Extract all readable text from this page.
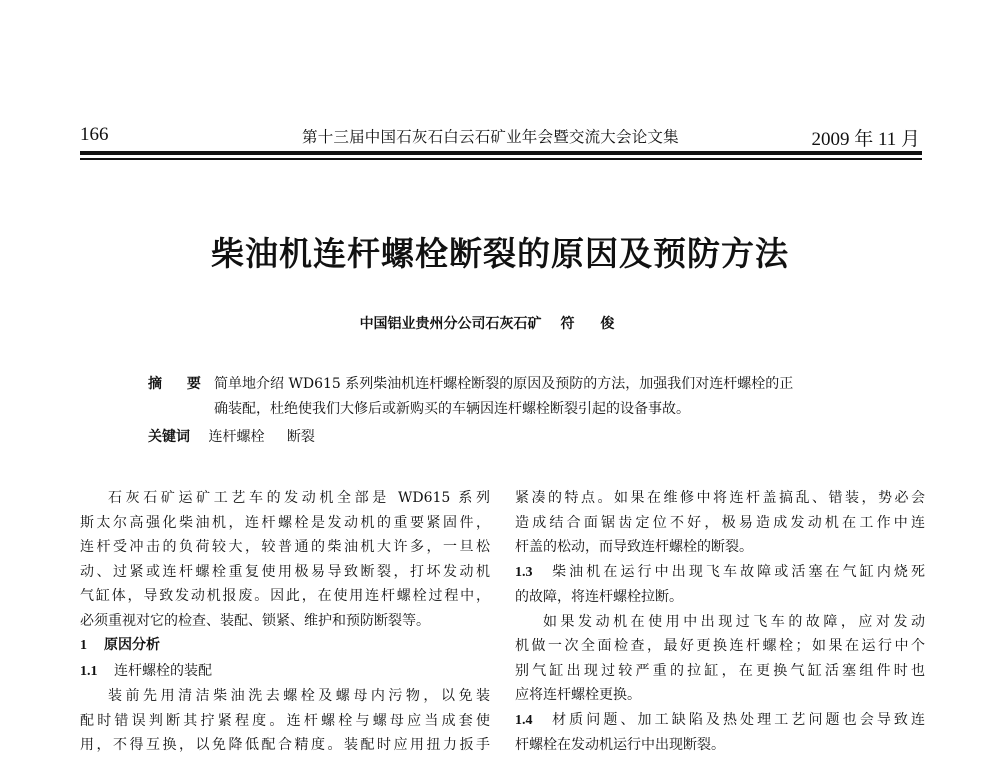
166	第十三届中国石灰石白云石矿业年会暨交流大会论文集	2009 年 11 月
柴油机连杆螺栓断裂的原因及预防方法
中国铝业贵州分公司石灰石矿 符俊
摘 要 简单地介绍 WD615 系列柴油机连杆螺栓断裂的原因及预防的方法，加强我们对连杆螺栓的正
确装配，杜绝使我们大修后或新购买的车辆因连杆螺栓断裂引起的设备事故。
关键词 连杆螺栓 断裂

石灰石矿运矿工艺车的发动机全部是 WD615 系列

斯太尔高强化柴油机，连杆螺栓是发动机的重要紧固件，

连杆受冲击的负荷较大，较普通的柴油机大许多，一旦松

动、过紧或连杆螺栓重复使用极易导致断裂，打坏发动机

气缸体，导致发动机报废。因此，在使用连杆螺栓过程中，

必须重视对它的检查、装配、锁紧、维护和预防断裂等。

1 原因分析

1.1 连杆螺栓的装配

装前先用清洁柴油洗去螺栓及螺母内污物，以免装

配时错误判断其拧紧程度。连杆螺栓与螺母应当成套使

用，不得互换，以免降低配合精度。装配时应用扭力扳手

紧凑的特点。如果在维修中将连杆盖搞乱、错装，势必会

造成结合面锯齿定位不好，极易造成发动机在工作中连

杆盖的松动，而导致连杆螺栓的断裂。

1.3 柴油机在运行中出现飞车故障或活塞在气缸内烧死

的故障，将连杆螺栓拉断。

如果发动机在使用中出现过飞车的故障，应对发动

机做一次全面检查，最好更换连杆螺栓；如果在运行中个

别气缸出现过较严重的拉缸，在更换气缸活塞组件时也

应将连杆螺栓更换。

1.4 材质问题、加工缺陷及热处理工艺问题也会导致连

杆螺栓在发动机运行中出现断裂。
